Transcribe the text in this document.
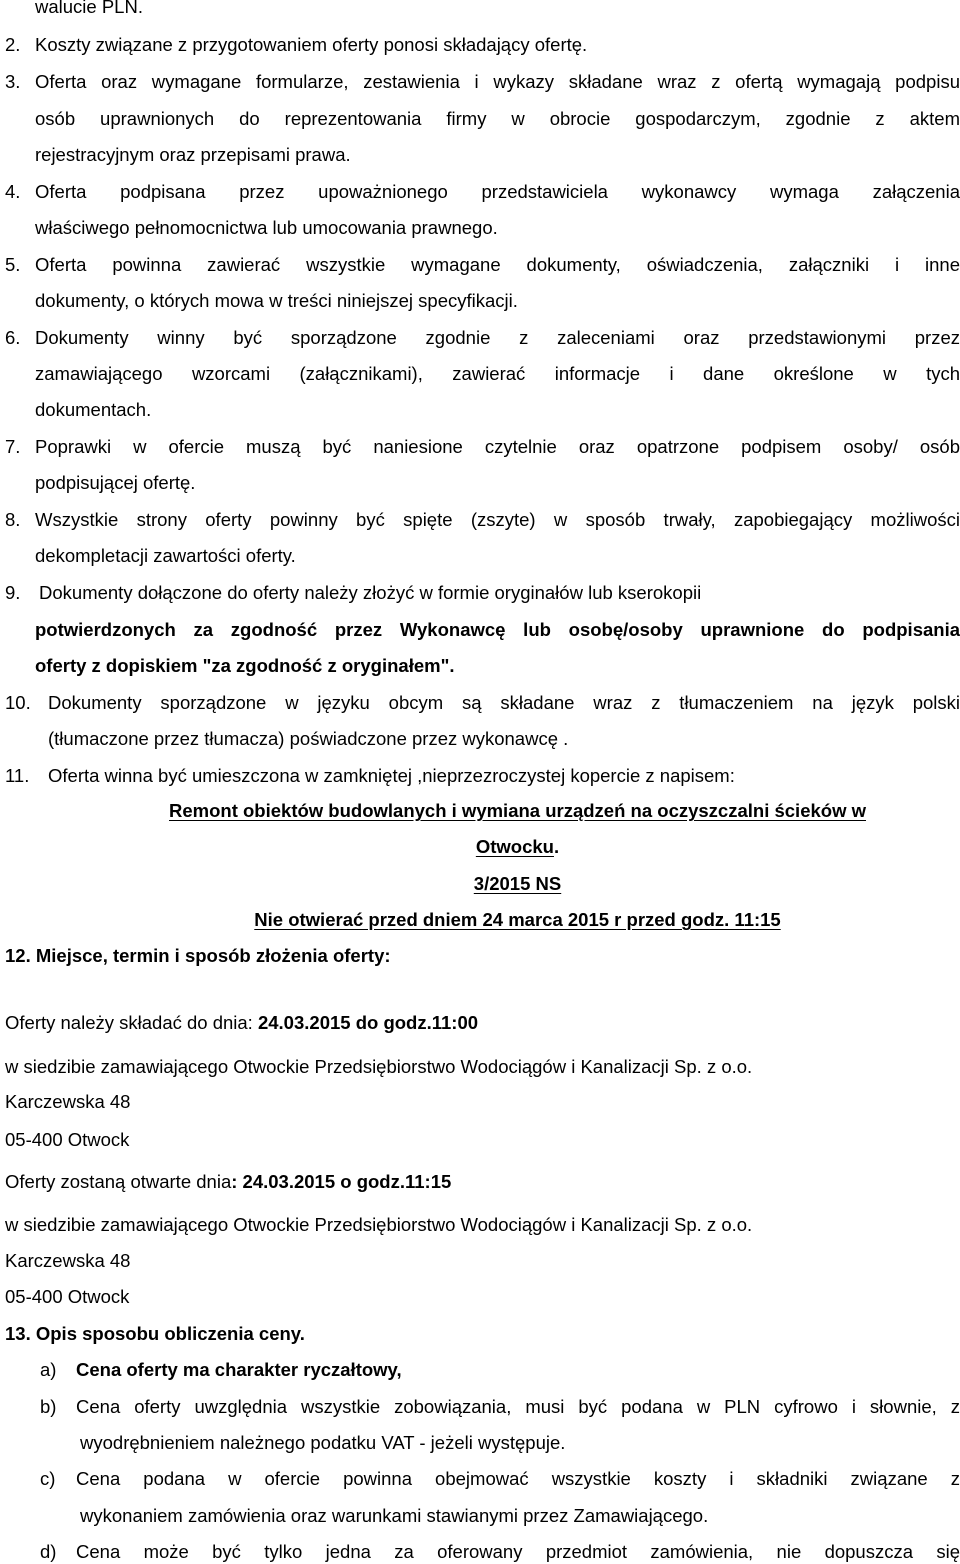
walucie PLN.
2. Koszty związane z przygotowaniem oferty ponosi składający ofertę.
3. Oferta oraz wymagane formularze, zestawienia i wykazy składane wraz z ofertą wymagają podpisu
osób uprawnionych do reprezentowania firmy w obrocie gospodarczym, zgodnie z aktem
rejestracyjnym oraz przepisami prawa.
4. Oferta podpisana przez upoważnionego przedstawiciela wykonawcy wymaga załączenia
właściwego pełnomocnictwa lub umocowania prawnego.
5. Oferta powinna zawierać wszystkie wymagane dokumenty, oświadczenia, załączniki i inne
dokumenty, o których mowa w treści niniejszej specyfikacji.
6. Dokumenty winny być sporządzone zgodnie z zaleceniami oraz przedstawionymi przez
zamawiającego wzorcami (załącznikami), zawierać informacje i dane określone w tych
dokumentach.
7. Poprawki w ofercie muszą być naniesione czytelnie oraz opatrzone podpisem osoby/ osób
podpisującej ofertę.
8. Wszystkie strony oferty powinny być spięte (zszyte) w sposób trwały, zapobiegający możliwości
dekompletacji zawartości oferty.
9. Dokumenty dołączone do oferty należy złożyć w formie oryginałów lub kserokopii
potwierdzonych za zgodność przez Wykonawcę lub osobę/osoby uprawnione do podpisania
oferty z dopiskiem "za zgodność z oryginałem".
10. Dokumenty sporządzone w języku obcym są składane wraz z tłumaczeniem na język polski
(tłumaczone przez tłumacza) poświadczone przez wykonawcę .
11. Oferta winna być umieszczona w zamkniętej ,nieprzezroczystej kopercie z napisem:
Remont obiektów budowlanych i wymiana urządzeń na oczyszczalni ścieków w
Otwocku.
3/2015 NS
Nie otwierać przed dniem 24 marca 2015 r przed godz. 11:15
12. Miejsce, termin i sposób złożenia oferty:
Oferty należy składać do dnia: 24.03.2015 do godz.11:00
w siedzibie zamawiającego Otwockie Przedsiębiorstwo Wodociągów i Kanalizacji Sp. z o.o.
Karczewska 48
05-400 Otwock
Oferty zostaną otwarte dnia: 24.03.2015 o godz.11:15
w siedzibie zamawiającego Otwockie Przedsiębiorstwo Wodociągów i Kanalizacji Sp. z o.o.
Karczewska 48
05-400 Otwock
13. Opis sposobu obliczenia ceny.
a) Cena oferty ma charakter ryczałtowy,
b) Cena oferty uwzględnia wszystkie zobowiązania, musi być podana w PLN cyfrowo i słownie, z
wyodrębnieniem należnego podatku VAT - jeżeli występuje.
c) Cena podana w ofercie powinna obejmować wszystkie koszty i składniki związane z
wykonaniem zamówienia oraz warunkami stawianymi przez Zamawiającego.
d) Cena może być tylko jedna za oferowany przedmiot zamówienia, nie dopuszcza się
